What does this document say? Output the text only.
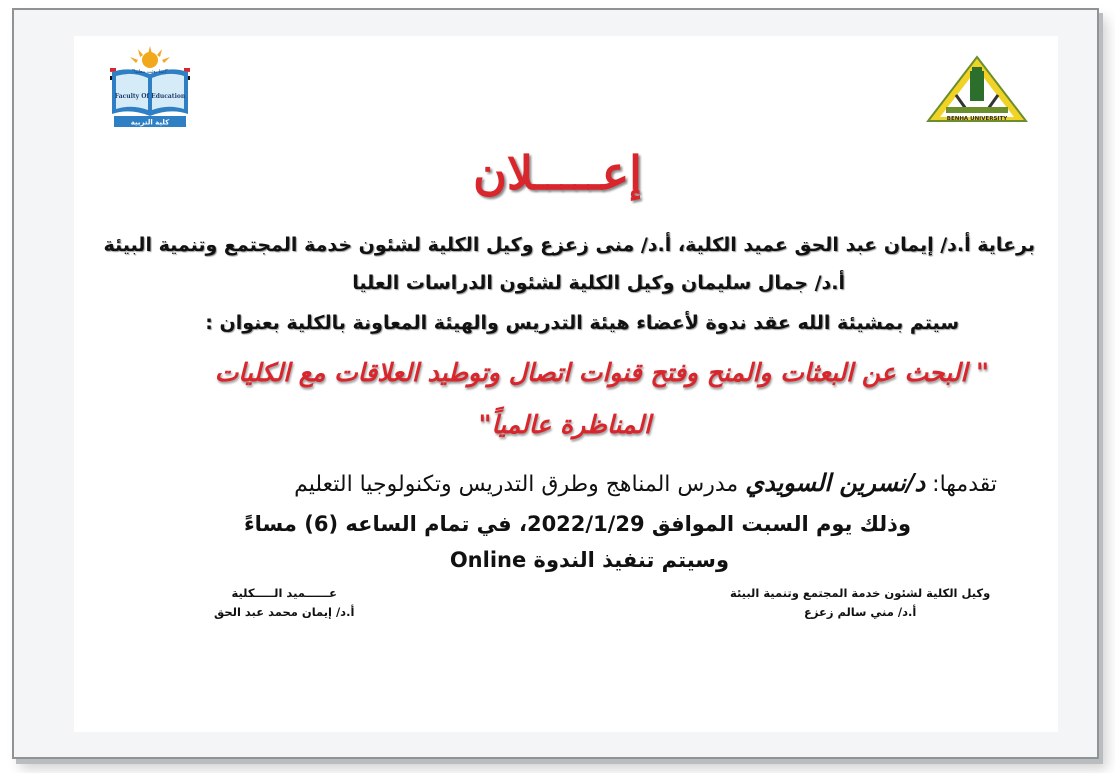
"إنما بعثت معلما"
Faculty Of Education
كلية التربية	BENHA UNIVERSITY
إعـــــلان
برعاية أ.د/ إيمان عبد الحق عميد الكلية، أ.د/ منى زعزع وكيل الكلية لشئون خدمة المجتمع وتنمية البيئة
أ.د/ جمال سليمان وكيل الكلية لشئون الدراسات العليا
سيتم بمشيئة الله عقد ندوة لأعضاء هيئة التدريس والهيئة المعاونة بالكلية بعنوان :
" البحث عن البعثات والمنح وفتح قنوات اتصال وتوطيد العلاقات مع الكليات
المناظرة عالمياً"
تقدمها: د/نسرين السويدي مدرس المناهج وطرق التدريس وتكنولوجيا التعليم
وذلك يوم السبت الموافق 2022/1/29، في تمام الساعه (6) مساءً
وسيتم تنفيذ الندوة Online
عــــــميد الـــــكلية
أ.د/ إيمان محمد عبد الحق
وكيل الكلية لشئون خدمة المجتمع وتنمية البيئة
أ.د/ مني سالم زعزع
